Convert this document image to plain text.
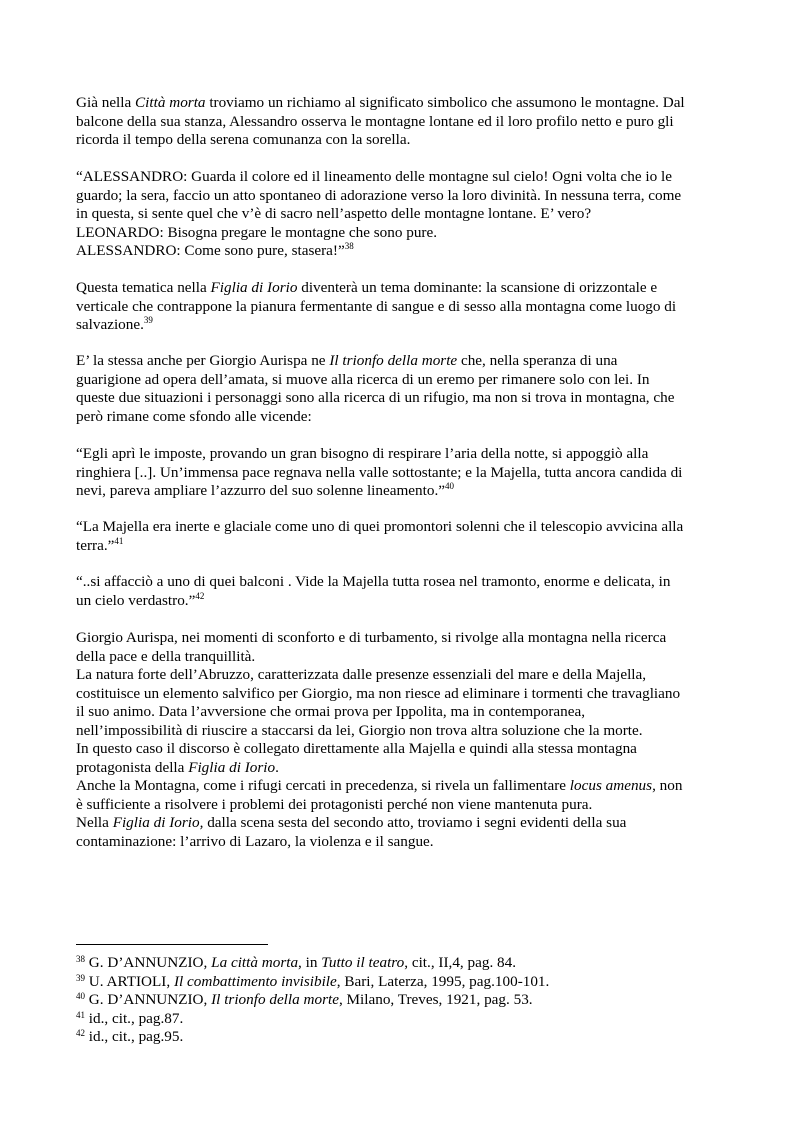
Già nella Città morta troviamo un richiamo al significato simbolico che assumono le montagne. Dal

balcone della sua stanza, Alessandro osserva le montagne lontane ed il loro profilo netto e puro gli

ricorda il tempo della serena comunanza con la sorella.

“ALESSANDRO: Guarda il colore ed il lineamento delle montagne sul cielo! Ogni volta che io le

guardo; la sera, faccio un atto spontaneo di adorazione verso la loro divinità. In nessuna terra, come

in questa, si sente quel che v’è di sacro nell’aspetto delle montagne lontane. E’ vero?

LEONARDO: Bisogna pregare le montagne che sono pure.

ALESSANDRO: Come sono pure, stasera!”$^{38}$

Questa tematica nella Figlia di Iorio diventerà un tema dominante: la scansione di orizzontale e

verticale che contrappone la pianura fermentante di sangue e di sesso alla montagna come luogo di

salvazione.$^{39}$

E’ la stessa anche per Giorgio Aurispa ne Il trionfo della morte che, nella speranza di una

guarigione ad opera dell’amata, si muove alla ricerca di un eremo per rimanere solo con lei. In

queste due situazioni i personaggi sono alla ricerca di un rifugio, ma non si trova in montagna, che

però rimane come sfondo alle vicende:

“Egli aprì le imposte, provando un gran bisogno di respirare l’aria della notte, si appoggiò alla

ringhiera [..]. Un’immensa pace regnava nella valle sottostante; e la Majella, tutta ancora candida di

nevi, pareva ampliare l’azzurro del suo solenne lineamento.”$^{40}$

“La Majella era inerte e glaciale come uno di quei promontori solenni che il telescopio avvicina alla

terra.”$^{41}$

“..si affacciò a uno di quei balconi . Vide la Majella tutta rosea nel tramonto, enorme e delicata, in

un cielo verdastro.”$^{42}$

Giorgio Aurispa, nei momenti di sconforto e di turbamento, si rivolge alla montagna nella ricerca

della pace e della tranquillità.

La natura forte dell’Abruzzo, caratterizzata dalle presenze essenziali del mare e della Majella,

costituisce un elemento salvifico per Giorgio, ma non riesce ad eliminare i tormenti che travagliano

il suo animo. Data l’avversione che ormai prova per Ippolita, ma in contemporanea,

nell’impossibilità di riuscire a staccarsi da lei, Giorgio non trova altra soluzione che la morte.

In questo caso il discorso è collegato direttamente alla Majella e quindi alla stessa montagna

protagonista della Figlia di Iorio.

Anche la Montagna, come i rifugi cercati in precedenza, si rivela un fallimentare locus amenus, non

è sufficiente a risolvere i problemi dei protagonisti perché non viene mantenuta pura.

Nella Figlia di Iorio, dalla scena sesta del secondo atto, troviamo i segni evidenti della sua

contaminazione: l’arrivo di Lazaro, la violenza e il sangue.

$^{38}$ G. D’ANNUNZIO, La città morta, in Tutto il teatro, cit., II,4, pag. 84.
$^{39}$ U. ARTIOLI, Il combattimento invisibile, Bari, Laterza, 1995, pag.100-101.
$^{40}$ G. D’ANNUNZIO, Il trionfo della morte, Milano, Treves, 1921, pag. 53.
$^{41}$ id., cit., pag.87.
$^{42}$ id., cit., pag.95.
